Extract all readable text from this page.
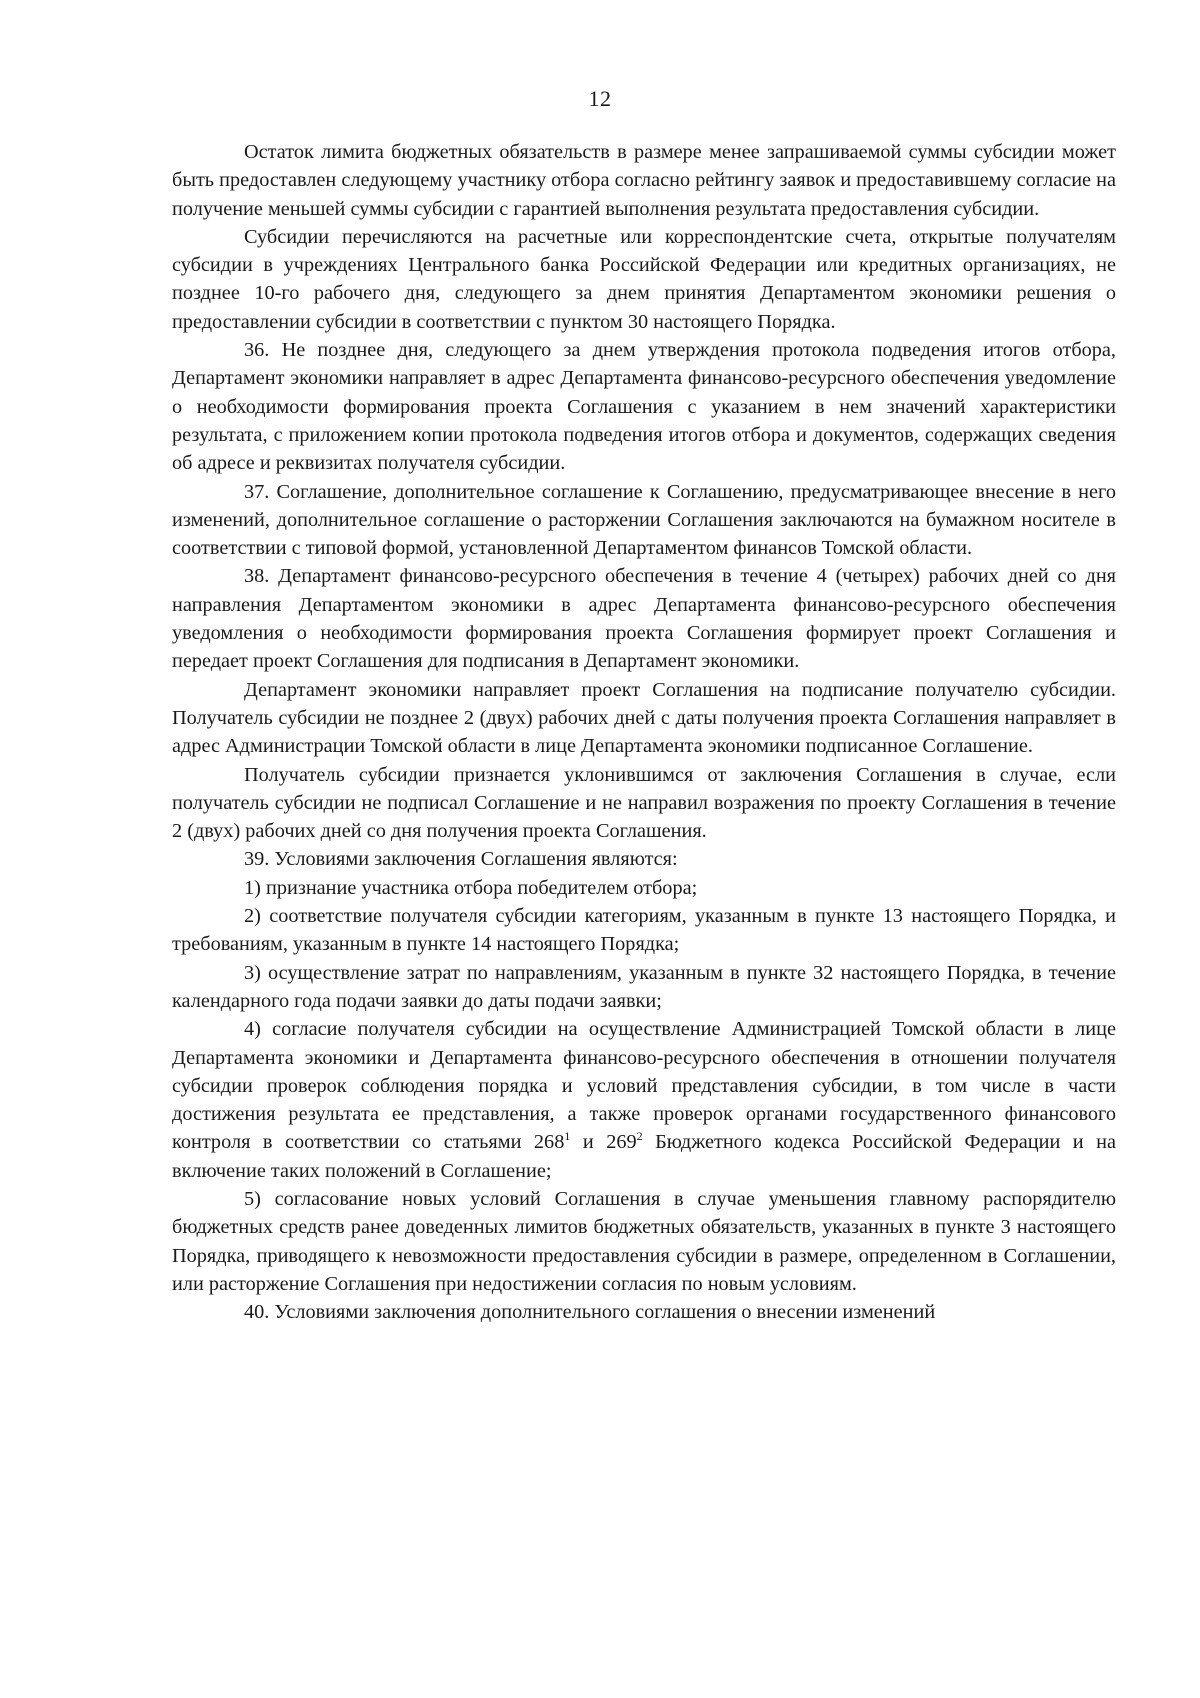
12

Остаток лимита бюджетных обязательств в размере менее запрашиваемой суммы субсидии может быть предоставлен следующему участнику отбора согласно рейтингу заявок и предоставившему согласие на получение меньшей суммы субсидии с гарантией выполнения результата предоставления субсидии.

Субсидии перечисляются на расчетные или корреспондентские счета, открытые получателям субсидии в учреждениях Центрального банка Российской Федерации или кредитных организациях, не позднее 10-го рабочего дня, следующего за днем принятия Департаментом экономики решения о предоставлении субсидии в соответствии с пунктом 30 настоящего Порядка.

36. Не позднее дня, следующего за днем утверждения протокола подведения итогов отбора, Департамент экономики направляет в адрес Департамента финансово-ресурсного обеспечения уведомление о необходимости формирования проекта Соглашения с указанием в нем значений характеристики результата, с приложением копии протокола подведения итогов отбора и документов, содержащих сведения об адресе и реквизитах получателя субсидии.

37. Соглашение, дополнительное соглашение к Соглашению, предусматривающее внесение в него изменений, дополнительное соглашение о расторжении Соглашения заключаются на бумажном носителе в соответствии с типовой формой, установленной Департаментом финансов Томской области.

38. Департамент финансово-ресурсного обеспечения в течение 4 (четырех) рабочих дней со дня направления Департаментом экономики в адрес Департамента финансово-ресурсного обеспечения уведомления о необходимости формирования проекта Соглашения формирует проект Соглашения и передает проект Соглашения для подписания в Департамент экономики.

Департамент экономики направляет проект Соглашения на подписание получателю субсидии. Получатель субсидии не позднее 2 (двух) рабочих дней с даты получения проекта Соглашения направляет в адрес Администрации Томской области в лице Департамента экономики подписанное Соглашение.

Получатель субсидии признается уклонившимся от заключения Соглашения в случае, если получатель субсидии не подписал Соглашение и не направил возражения по проекту Соглашения в течение 2 (двух) рабочих дней со дня получения проекта Соглашения.

39. Условиями заключения Соглашения являются:

1) признание участника отбора победителем отбора;

2) соответствие получателя субсидии категориям, указанным в пункте 13 настоящего Порядка, и требованиям, указанным в пункте 14 настоящего Порядка;

3) осуществление затрат по направлениям, указанным в пункте 32 настоящего Порядка, в течение календарного года подачи заявки до даты подачи заявки;

4) согласие получателя субсидии на осуществление Администрацией Томской области в лице Департамента экономики и Департамента финансово-ресурсного обеспечения в отношении получателя субсидии проверок соблюдения порядка и условий представления субсидии, в том числе в части достижения результата ее представления, а также проверок органами государственного финансового контроля в соответствии со статьями $268^1$ и $269^2$ Бюджетного кодекса Российской Федерации и на включение таких положений в Соглашение;

5) согласование новых условий Соглашения в случае уменьшения главному распорядителю бюджетных средств ранее доведенных лимитов бюджетных обязательств, указанных в пункте 3 настоящего Порядка, приводящего к невозможности предоставления субсидии в размере, определенном в Соглашении, или расторжение Соглашения при недостижении согласия по новым условиям.

40. Условиями заключения дополнительного соглашения о внесении изменений
